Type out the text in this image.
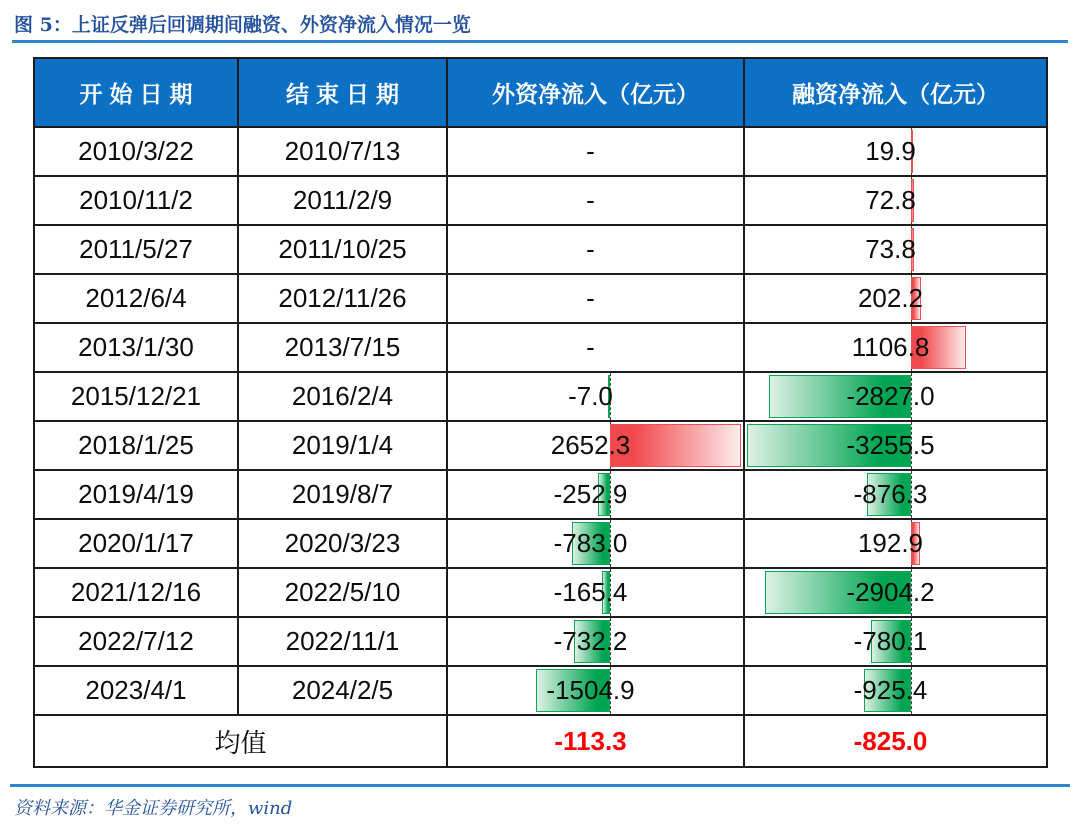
图 5：上证反弹后回调期间融资、外资净流入情况一览
开始日期	结束日期	外资净流入（亿元）	融资净流入（亿元）
2010/3/22	2010/7/13	-	19.9
2010/11/2	2011/2/9	-	72.8
2011/5/27	2011/10/25	-	73.8
2012/6/4	2012/11/26	-	202.2
2013/1/30	2013/7/15	-	1106.8
2015/12/21	2016/2/4	-7.0	-2827.0
2018/1/25	2019/1/4	2652.3	-3255.5
2019/4/19	2019/8/7	-252.9	-876.3
2020/1/17	2020/3/23	-783.0	192.9
2021/12/16	2022/5/10	-165.4	-2904.2
2022/7/12	2022/11/1	-732.2	-780.1
2023/4/1	2024/2/5	-1504.9	-925.4
均值	-113.3	-825.0
资料来源：华金证券研究所，wind
